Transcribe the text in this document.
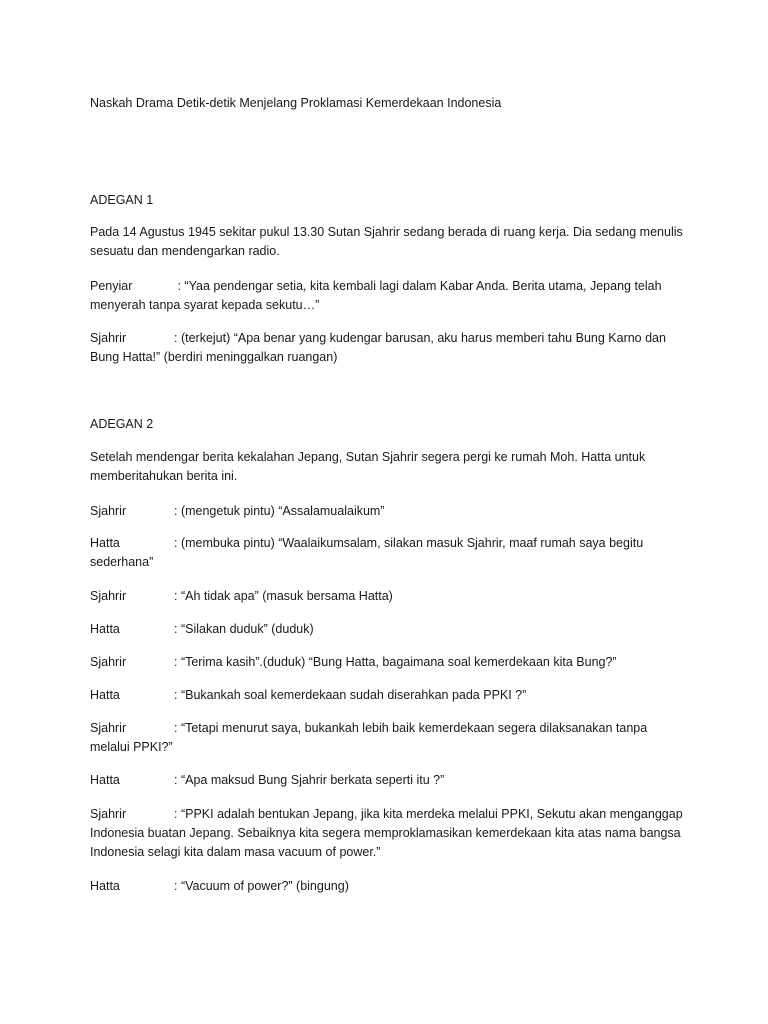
Naskah Drama Detik-detik Menjelang Proklamasi Kemerdekaan Indonesia
ADEGAN 1
Pada 14 Agustus 1945 sekitar pukul 13.30 Sutan Sjahrir sedang berada di ruang kerja. Dia sedang menulis sesuatu dan mendengarkan radio.
Penyiar	: “Yaa pendengar setia, kita kembali lagi dalam Kabar Anda. Berita utama, Jepang telah menyerah tanpa syarat kepada sekutu…”
Sjahrir	: (terkejut) “Apa benar yang kudengar barusan, aku harus memberi tahu Bung Karno dan Bung Hatta!” (berdiri meninggalkan ruangan)
ADEGAN 2
Setelah mendengar berita kekalahan Jepang, Sutan Sjahrir segera pergi ke rumah Moh. Hatta untuk memberitahukan berita ini.
Sjahrir	: (mengetuk pintu) “Assalamualaikum”
Hatta	: (membuka pintu) “Waalaikumsalam, silakan masuk Sjahrir, maaf rumah saya begitu sederhana”
Sjahrir	: “Ah tidak apa” (masuk bersama Hatta)
Hatta	: “Silakan duduk” (duduk)
Sjahrir	: “Terima kasih”.(duduk) “Bung Hatta, bagaimana soal kemerdekaan kita Bung?”
Hatta	: “Bukankah soal kemerdekaan sudah diserahkan pada PPKI ?”
Sjahrir	: “Tetapi menurut saya, bukankah lebih baik kemerdekaan segera dilaksanakan tanpa melalui PPKI?”
Hatta	: “Apa maksud Bung Sjahrir berkata seperti itu ?”
Sjahrir	: “PPKI adalah bentukan Jepang, jika kita merdeka melalui PPKI, Sekutu akan menganggap Indonesia buatan Jepang. Sebaiknya kita segera memproklamasikan kemerdekaan kita atas nama bangsa Indonesia selagi kita dalam masa vacuum of power.”
Hatta	: “Vacuum of power?” (bingung)
